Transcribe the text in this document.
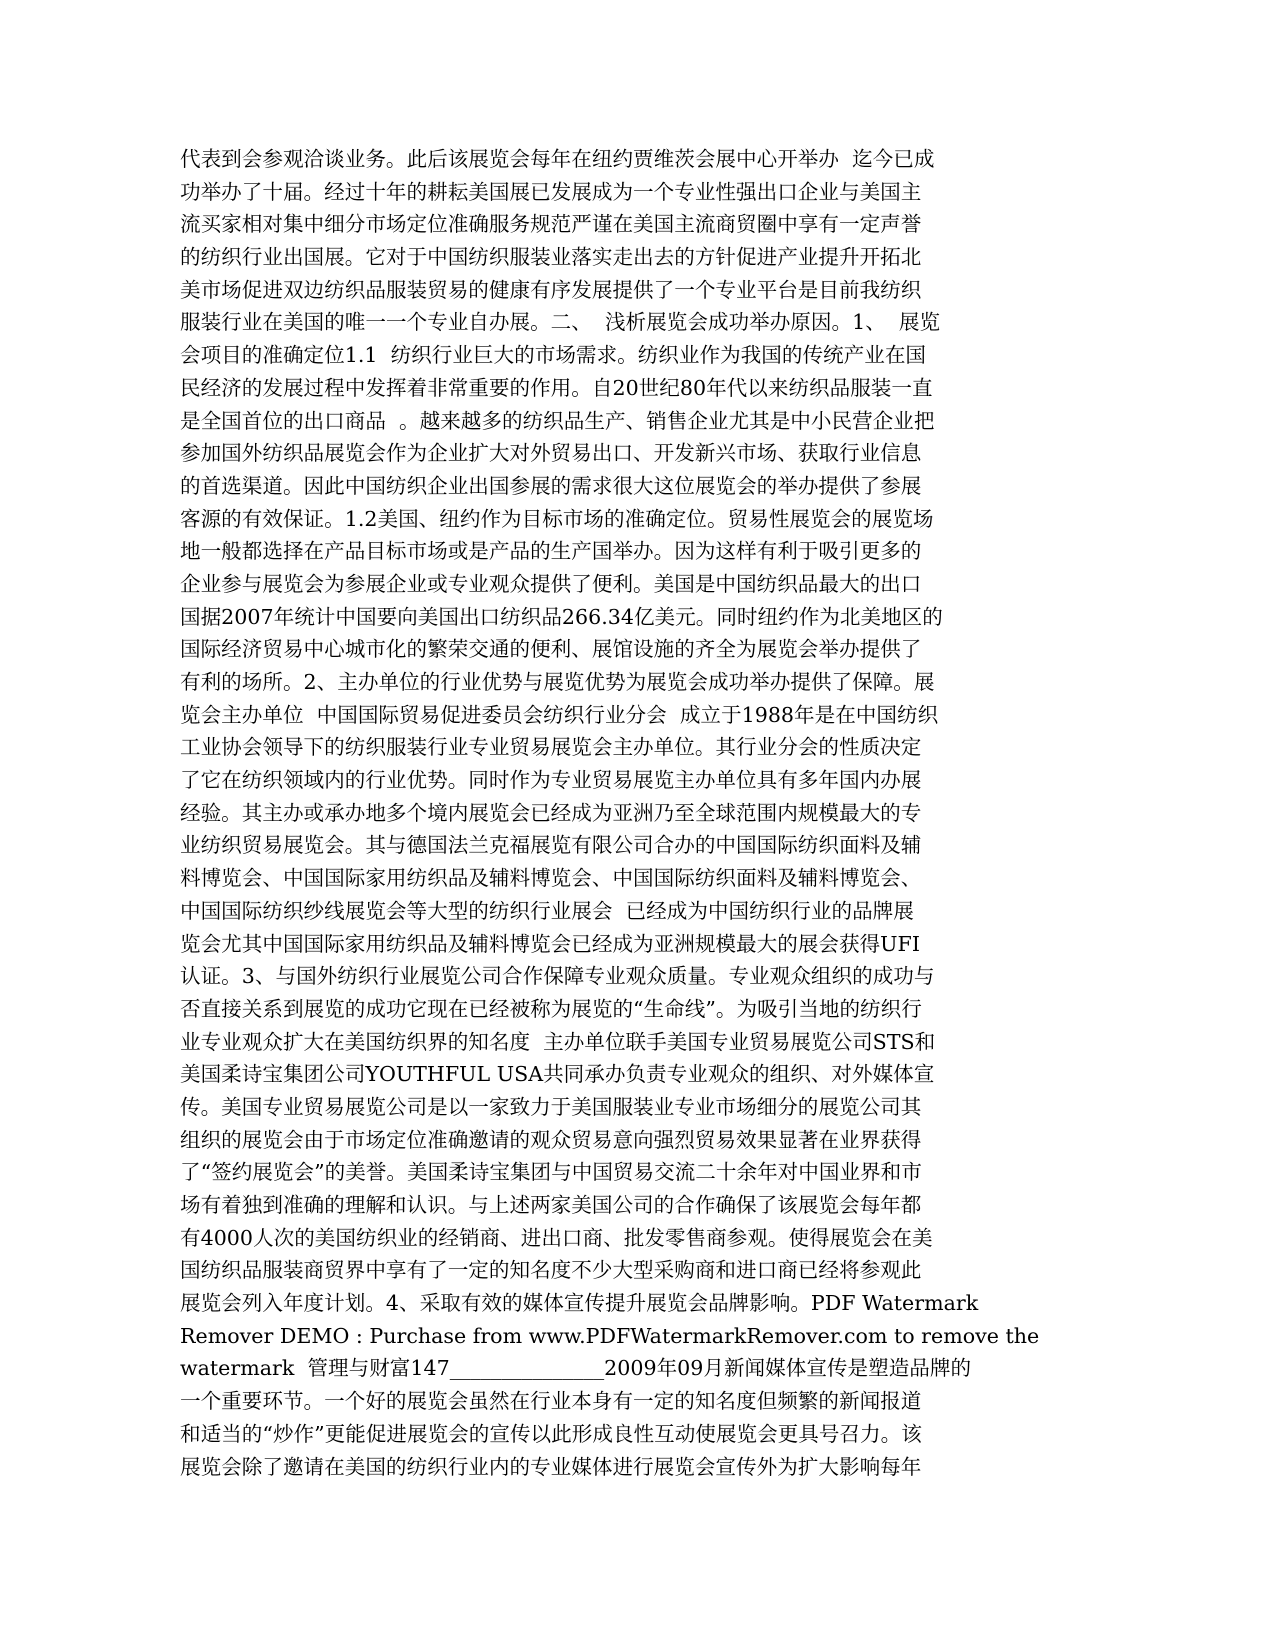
代表到会参观洽谈业务。此后该展览会每年在纽约贾维茨会展中心开举办  迄今已成
功举办了十届。经过十年的耕耘美国展已发展成为一个专业性强出口企业与美国主
流买家相对集中细分市场定位准确服务规范严谨在美国主流商贸圈中享有一定声誉
的纺织行业出国展。它对于中国纺织服装业落实走出去的方针促进产业提升开拓北
美市场促进双边纺织品服装贸易的健康有序发展提供了一个专业平台是目前我纺织
服装行业在美国的唯一一个专业自办展。二、  浅析展览会成功举办原因。1、  展览
会项目的准确定位1.1  纺织行业巨大的市场需求。纺织业作为我国的传统产业在国
民经济的发展过程中发挥着非常重要的作用。自20世纪80年代以来纺织品服装一直
是全国首位的出口商品  。越来越多的纺织品生产、销售企业尤其是中小民营企业把
参加国外纺织品展览会作为企业扩大对外贸易出口、开发新兴市场、获取行业信息
的首选渠道。因此中国纺织企业出国参展的需求很大这位展览会的举办提供了参展
客源的有效保证。1.2美国、纽约作为目标市场的准确定位。贸易性展览会的展览场
地一般都选择在产品目标市场或是产品的生产国举办。因为这样有利于吸引更多的
企业参与展览会为参展企业或专业观众提供了便利。美国是中国纺织品最大的出口
国据2007年统计中国要向美国出口纺织品266.34亿美元。同时纽约作为北美地区的
国际经济贸易中心城市化的繁荣交通的便利、展馆设施的齐全为展览会举办提供了
有利的场所。2、主办单位的行业优势与展览优势为展览会成功举办提供了保障。展
览会主办单位  中国国际贸易促进委员会纺织行业分会  成立于1988年是在中国纺织
工业协会领导下的纺织服装行业专业贸易展览会主办单位。其行业分会的性质决定
了它在纺织领域内的行业优势。同时作为专业贸易展览主办单位具有多年国内办展
经验。其主办或承办地多个境内展览会已经成为亚洲乃至全球范围内规模最大的专
业纺织贸易展览会。其与德国法兰克福展览有限公司合办的中国国际纺织面料及辅
料博览会、中国国际家用纺织品及辅料博览会、中国国际纺织面料及辅料博览会、
中国国际纺织纱线展览会等大型的纺织行业展会  已经成为中国纺织行业的品牌展
览会尤其中国国际家用纺织品及辅料博览会已经成为亚洲规模最大的展会获得UFI
认证。3、与国外纺织行业展览公司合作保障专业观众质量。专业观众组织的成功与
否直接关系到展览的成功它现在已经被称为展览的“生命线”。为吸引当地的纺织行
业专业观众扩大在美国纺织界的知名度  主办单位联手美国专业贸易展览公司STS和
美国柔诗宝集团公司YOUTHFUL USA共同承办负责专业观众的组织、对外媒体宣
传。美国专业贸易展览公司是以一家致力于美国服装业专业市场细分的展览公司其
组织的展览会由于市场定位准确邀请的观众贸易意向强烈贸易效果显著在业界获得
了“签约展览会”的美誉。美国柔诗宝集团与中国贸易交流二十余年对中国业界和市
场有着独到准确的理解和认识。与上述两家美国公司的合作确保了该展览会每年都
有4000人次的美国纺织业的经销商、进出口商、批发零售商参观。使得展览会在美
国纺织品服装商贸界中享有了一定的知名度不少大型采购商和进口商已经将参观此
展览会列入年度计划。4、采取有效的媒体宣传提升展览会品牌影响。PDF Watermark
Remover DEMO : Purchase from www.PDFWatermarkRemover.com to remove the
watermark  管理与财富147_______________2009年09月新闻媒体宣传是塑造品牌的
一个重要环节。一个好的展览会虽然在行业本身有一定的知名度但频繁的新闻报道
和适当的“炒作”更能促进展览会的宣传以此形成良性互动使展览会更具号召力。该
展览会除了邀请在美国的纺织行业内的专业媒体进行展览会宣传外为扩大影响每年
